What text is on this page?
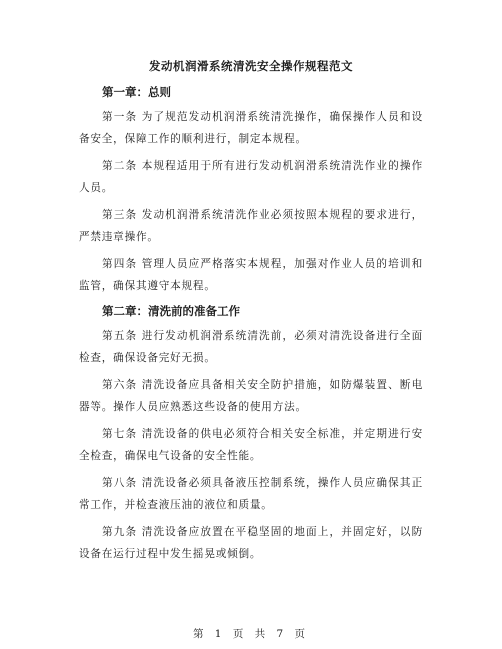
发动机润滑系统清洗安全操作规程范文
第一章：总则

第一条 为了规范发动机润滑系统清洗操作，确保操作人员和设备安全，保障工作的顺利进行，制定本规程。

第二条 本规程适用于所有进行发动机润滑系统清洗作业的操作人员。

第三条 发动机润滑系统清洗作业必须按照本规程的要求进行，严禁违章操作。

第四条 管理人员应严格落实本规程，加强对作业人员的培训和监管，确保其遵守本规程。

第二章：清洗前的准备工作

第五条 进行发动机润滑系统清洗前，必须对清洗设备进行全面检查，确保设备完好无损。

第六条 清洗设备应具备相关安全防护措施，如防爆装置、断电器等。操作人员应熟悉这些设备的使用方法。

第七条 清洗设备的供电必须符合相关安全标准，并定期进行安全检查，确保电气设备的安全性能。

第八条 清洗设备必须具备液压控制系统，操作人员应确保其正常工作，并检查液压油的液位和质量。

第九条 清洗设备应放置在平稳坚固的地面上，并固定好，以防设备在运行过程中发生摇晃或倾倒。

第 1 页 共 7 页
